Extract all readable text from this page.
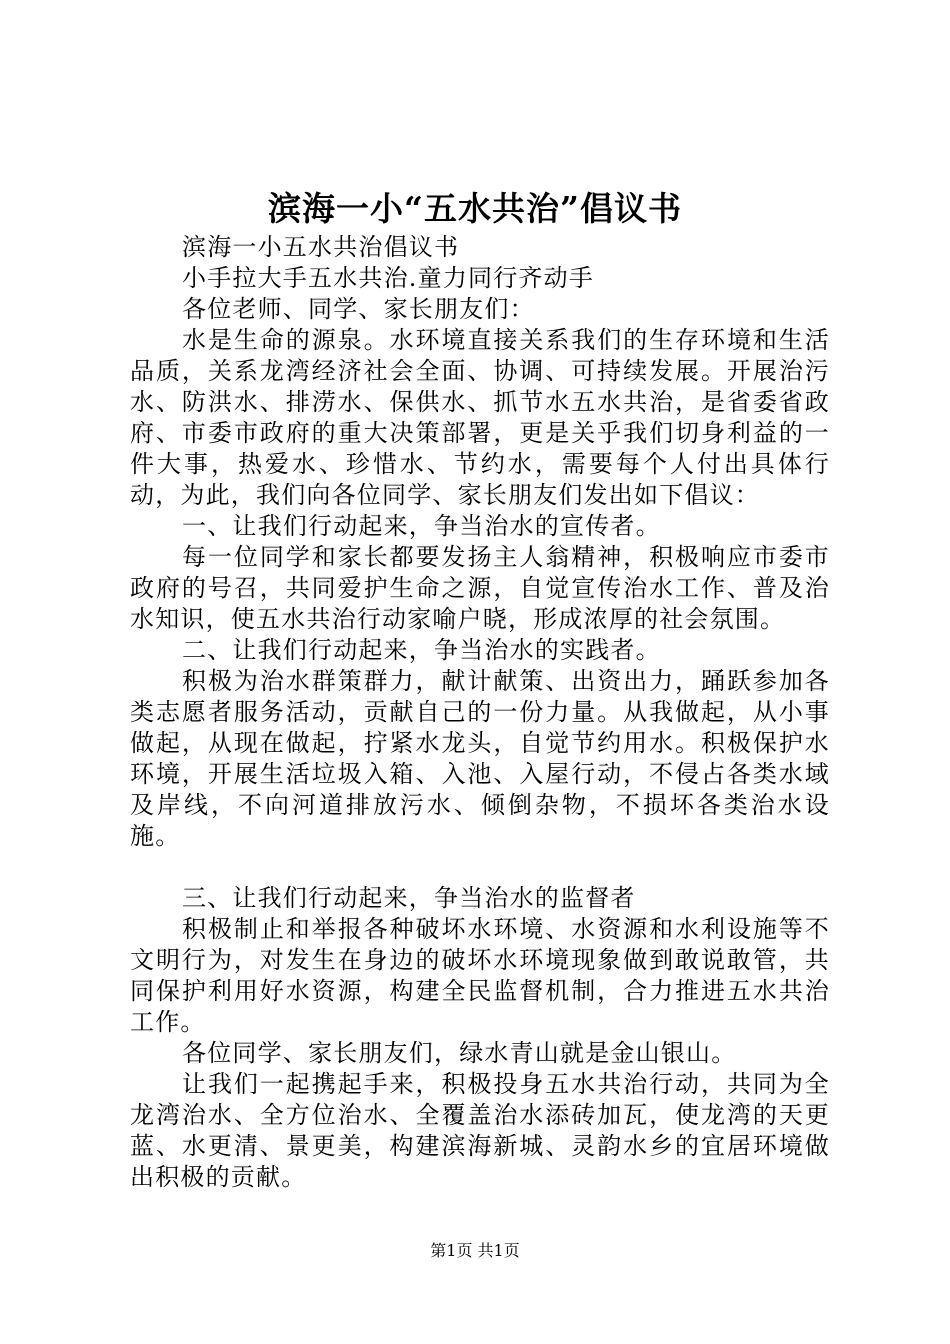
滨海一小“五水共治”倡议书

滨海一小五水共治倡议书

小手拉大手五水共治.童力同行齐动手

各位老师、同学、家长朋友们：

水是生命的源泉。水环境直接关系我们的生存环境和生活品质，关系龙湾经济社会全面、协调、可持续发展。开展治污水、防洪水、排涝水、保供水、抓节水五水共治，是省委省政府、市委市政府的重大决策部署，更是关乎我们切身利益的一件大事，热爱水、珍惜水、节约水，需要每个人付出具体行动，为此，我们向各位同学、家长朋友们发出如下倡议：

一、让我们行动起来，争当治水的宣传者。

每一位同学和家长都要发扬主人翁精神，积极响应市委市政府的号召，共同爱护生命之源，自觉宣传治水工作、普及治水知识，使五水共治行动家喻户晓，形成浓厚的社会氛围。

二、让我们行动起来，争当治水的实践者。

积极为治水群策群力，献计献策、出资出力，踊跃参加各类志愿者服务活动，贡献自己的一份力量。从我做起，从小事做起，从现在做起，拧紧水龙头，自觉节约用水。积极保护水环境，开展生活垃圾入箱、入池、入屋行动，不侵占各类水域及岸线，不向河道排放污水、倾倒杂物，不损坏各类治水设施。

三、让我们行动起来，争当治水的监督者

积极制止和举报各种破坏水环境、水资源和水利设施等不文明行为，对发生在身边的破坏水环境现象做到敢说敢管，共同保护利用好水资源，构建全民监督机制，合力推进五水共治工作。

各位同学、家长朋友们，绿水青山就是金山银山。

让我们一起携起手来，积极投身五水共治行动，共同为全龙湾治水、全方位治水、全覆盖治水添砖加瓦，使龙湾的天更蓝、水更清、景更美，构建滨海新城、灵韵水乡的宜居环境做出积极的贡献。

第1页 共1页
